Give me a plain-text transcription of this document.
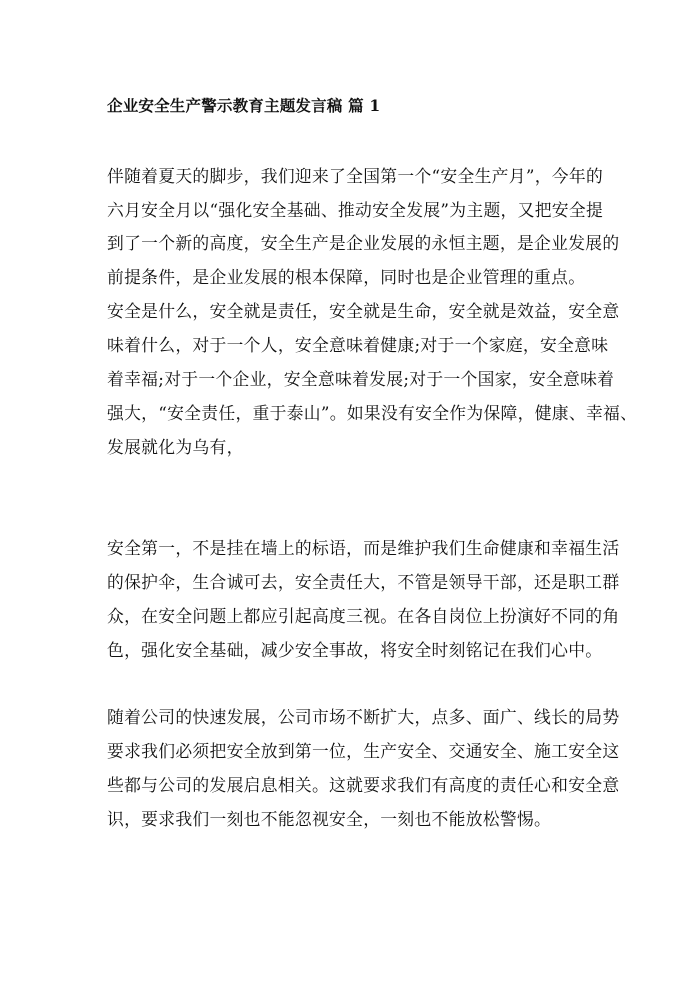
企业安全生产警示教育主题发言稿 篇 1
伴随着夏天的脚步，我们迎来了全国第一个“安全生产月”，今年的
六月安全月以“强化安全基础、推动安全发展”为主题，又把安全提
到了一个新的高度，安全生产是企业发展的永恒主题，是企业发展的
前提条件，是企业发展的根本保障，同时也是企业管理的重点。
安全是什么，安全就是责任，安全就是生命，安全就是效益，安全意
味着什么，对于一个人，安全意味着健康;对于一个家庭，安全意味
着幸福;对于一个企业，安全意味着发展;对于一个国家，安全意味着
强大，“安全责任，重于泰山”。如果没有安全作为保障，健康、幸福、
发展就化为乌有，
安全第一，不是挂在墙上的标语，而是维护我们生命健康和幸福生活
的保护伞，生合诚可去，安全责任大，不管是领导干部，还是职工群
众，在安全问题上都应引起高度三视。在各自岗位上扮演好不同的角
色，强化安全基础，减少安全事故，将安全时刻铭记在我们心中。
随着公司的快速发展，公司市场不断扩大，点多、面广、线长的局势
要求我们必须把安全放到第一位，生产安全、交通安全、施工安全这
些都与公司的发展启息相关。这就要求我们有高度的责任心和安全意
识，要求我们一刻也不能忽视安全，一刻也不能放松警惕。
